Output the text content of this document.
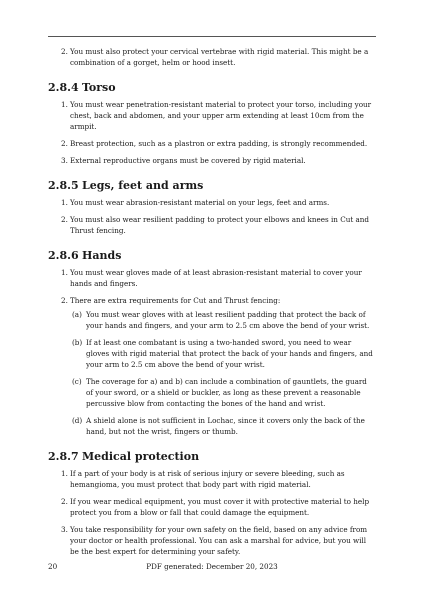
2. You must also protect your cervical vertebrae with rigid material. This might be a combination of a gorget, helm or hood insett.
2.8.4 Torso
1. You must wear penetration-resistant material to protect your torso, including your chest, back and abdomen, and your upper arm extending at least 10cm from the armpit.
2. Breast protection, such as a plastron or extra padding, is strongly recommended.
3. External reproductive organs must be covered by rigid material.
2.8.5 Legs, feet and arms
1. You must wear abrasion-resistant material on your legs, feet and arms.
2. You must also wear resilient padding to protect your elbows and knees in Cut and Thrust fencing.
2.8.6 Hands
1. You must wear gloves made of at least abrasion-resistant material to cover your hands and fingers.
2. There are extra requirements for Cut and Thrust fencing:
(a) You must wear gloves with at least resilient padding that protect the back of your hands and fingers, and your arm to 2.5 cm above the bend of your wrist.
(b) If at least one combatant is using a two-handed sword, you need to wear gloves with rigid material that protect the back of your hands and fingers, and your arm to 2.5 cm above the bend of your wrist.
(c) The coverage for a) and b) can include a combination of gauntlets, the guard of your sword, or a shield or buckler, as long as these prevent a reasonable percussive blow from contacting the bones of the hand and wrist.
(d) A shield alone is not sufficient in Lochac, since it covers only the back of the hand, but not the wrist, fingers or thumb.
2.8.7 Medical protection
1. If a part of your body is at risk of serious injury or severe bleeding, such as hemangioma, you must protect that body part with rigid material.
2. If you wear medical equipment, you must cover it with protective material to help protect you from a blow or fall that could damage the equipment.
3. You take responsibility for your own safety on the field, based on any advice from your doctor or health professional. You can ask a marshal for advice, but you will be the best expert for determining your safety.
20	PDF generated: December 20, 2023
